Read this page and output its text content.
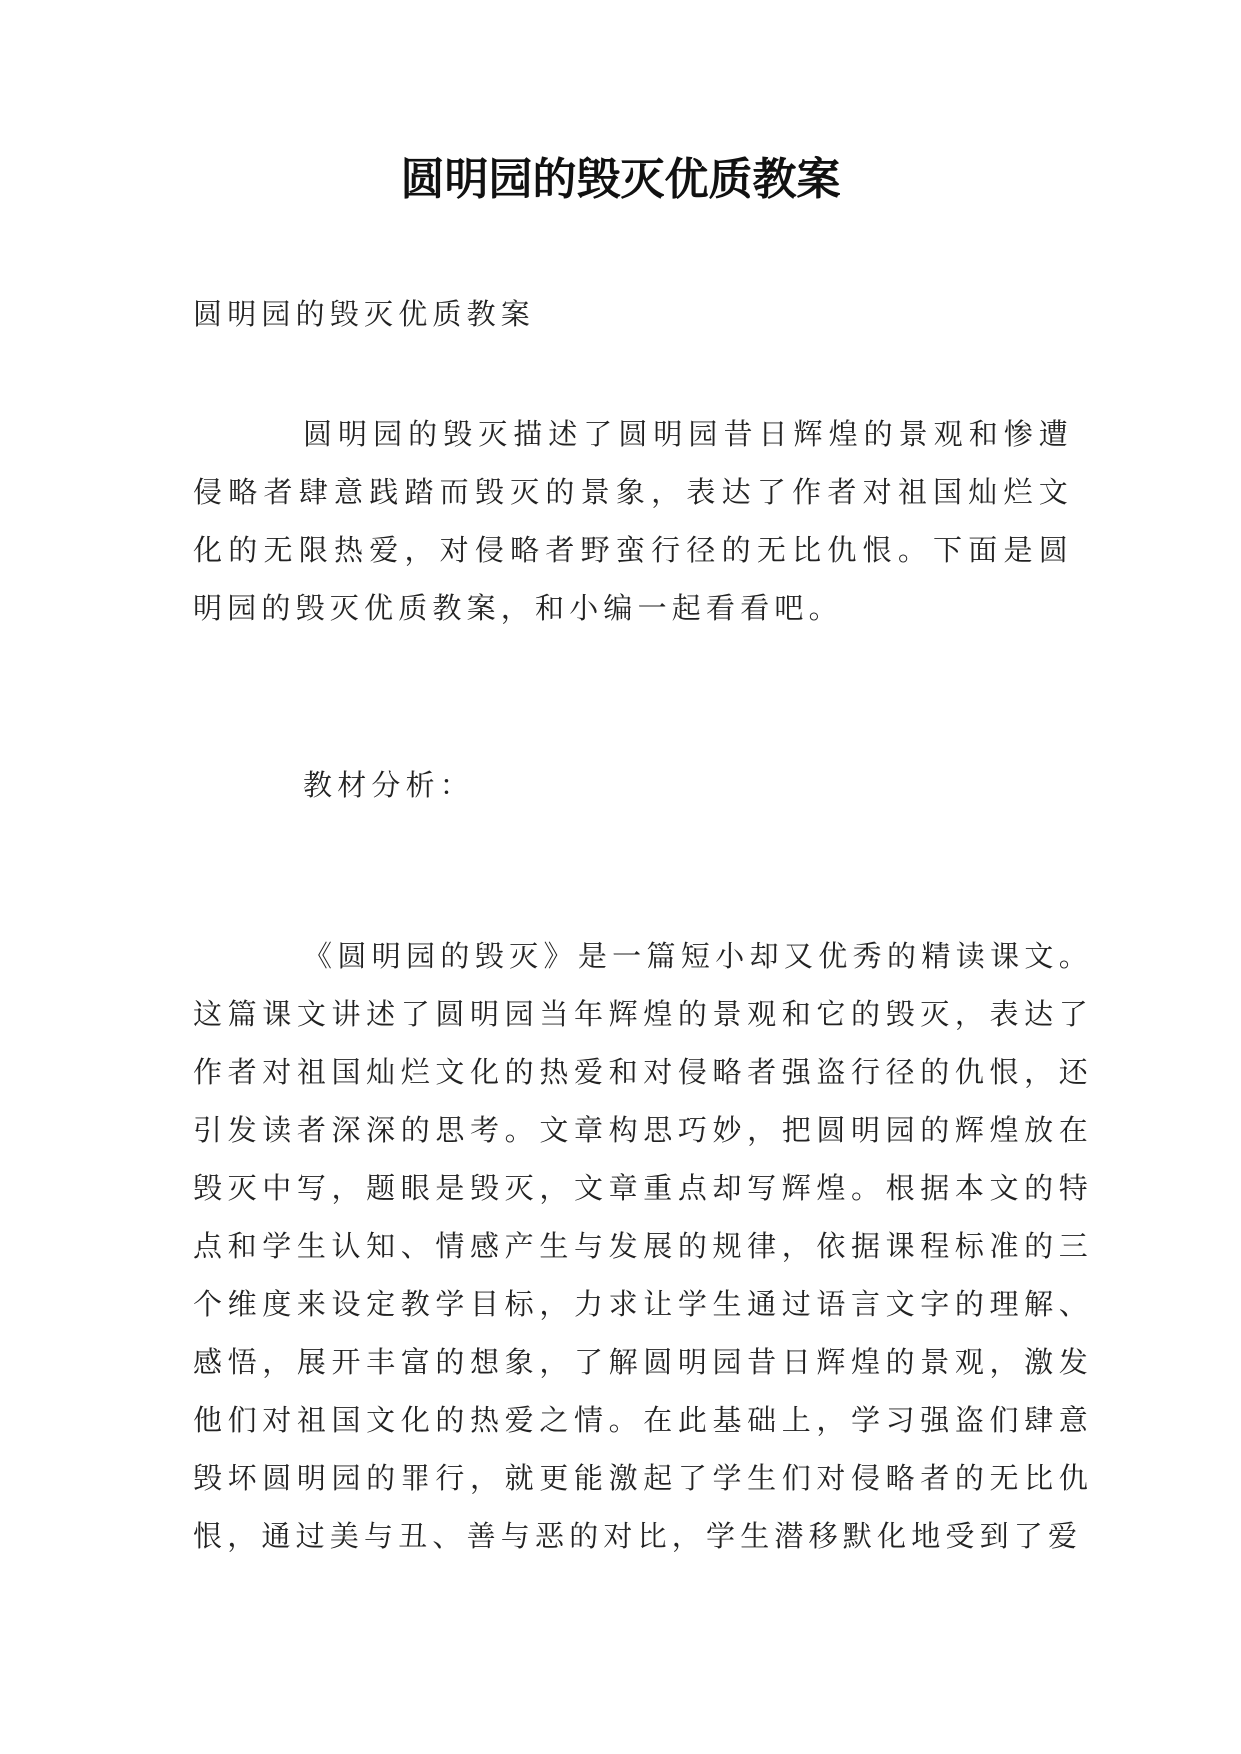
圆明园的毁灭优质教案

圆明园的毁灭优质教案

圆明园的毁灭描述了圆明园昔日辉煌的景观和惨遭侵略者肆意践踏而毁灭的景象，表达了作者对祖国灿烂文化的无限热爱，对侵略者野蛮行径的无比仇恨。下面是圆明园的毁灭优质教案，和小编一起看看吧。

教材分析：

《圆明园的毁灭》是一篇短小却又优秀的精读课文。这篇课文讲述了圆明园当年辉煌的景观和它的毁灭，表达了作者对祖国灿烂文化的热爱和对侵略者强盗行径的仇恨，还引发读者深深的思考。文章构思巧妙，把圆明园的辉煌放在毁灭中写，题眼是毁灭，文章重点却写辉煌。根据本文的特点和学生认知、情感产生与发展的规律，依据课程标准的三个维度来设定教学目标，力求让学生通过语言文字的理解、感悟，展开丰富的想象，了解圆明园昔日辉煌的景观，激发他们对祖国文化的热爱之情。在此基础上，学习强盗们肆意毁坏圆明园的罪行，就更能激起了学生们对侵略者的无比仇恨，通过美与丑、善与恶的对比，学生潜移默化地受到了爱
